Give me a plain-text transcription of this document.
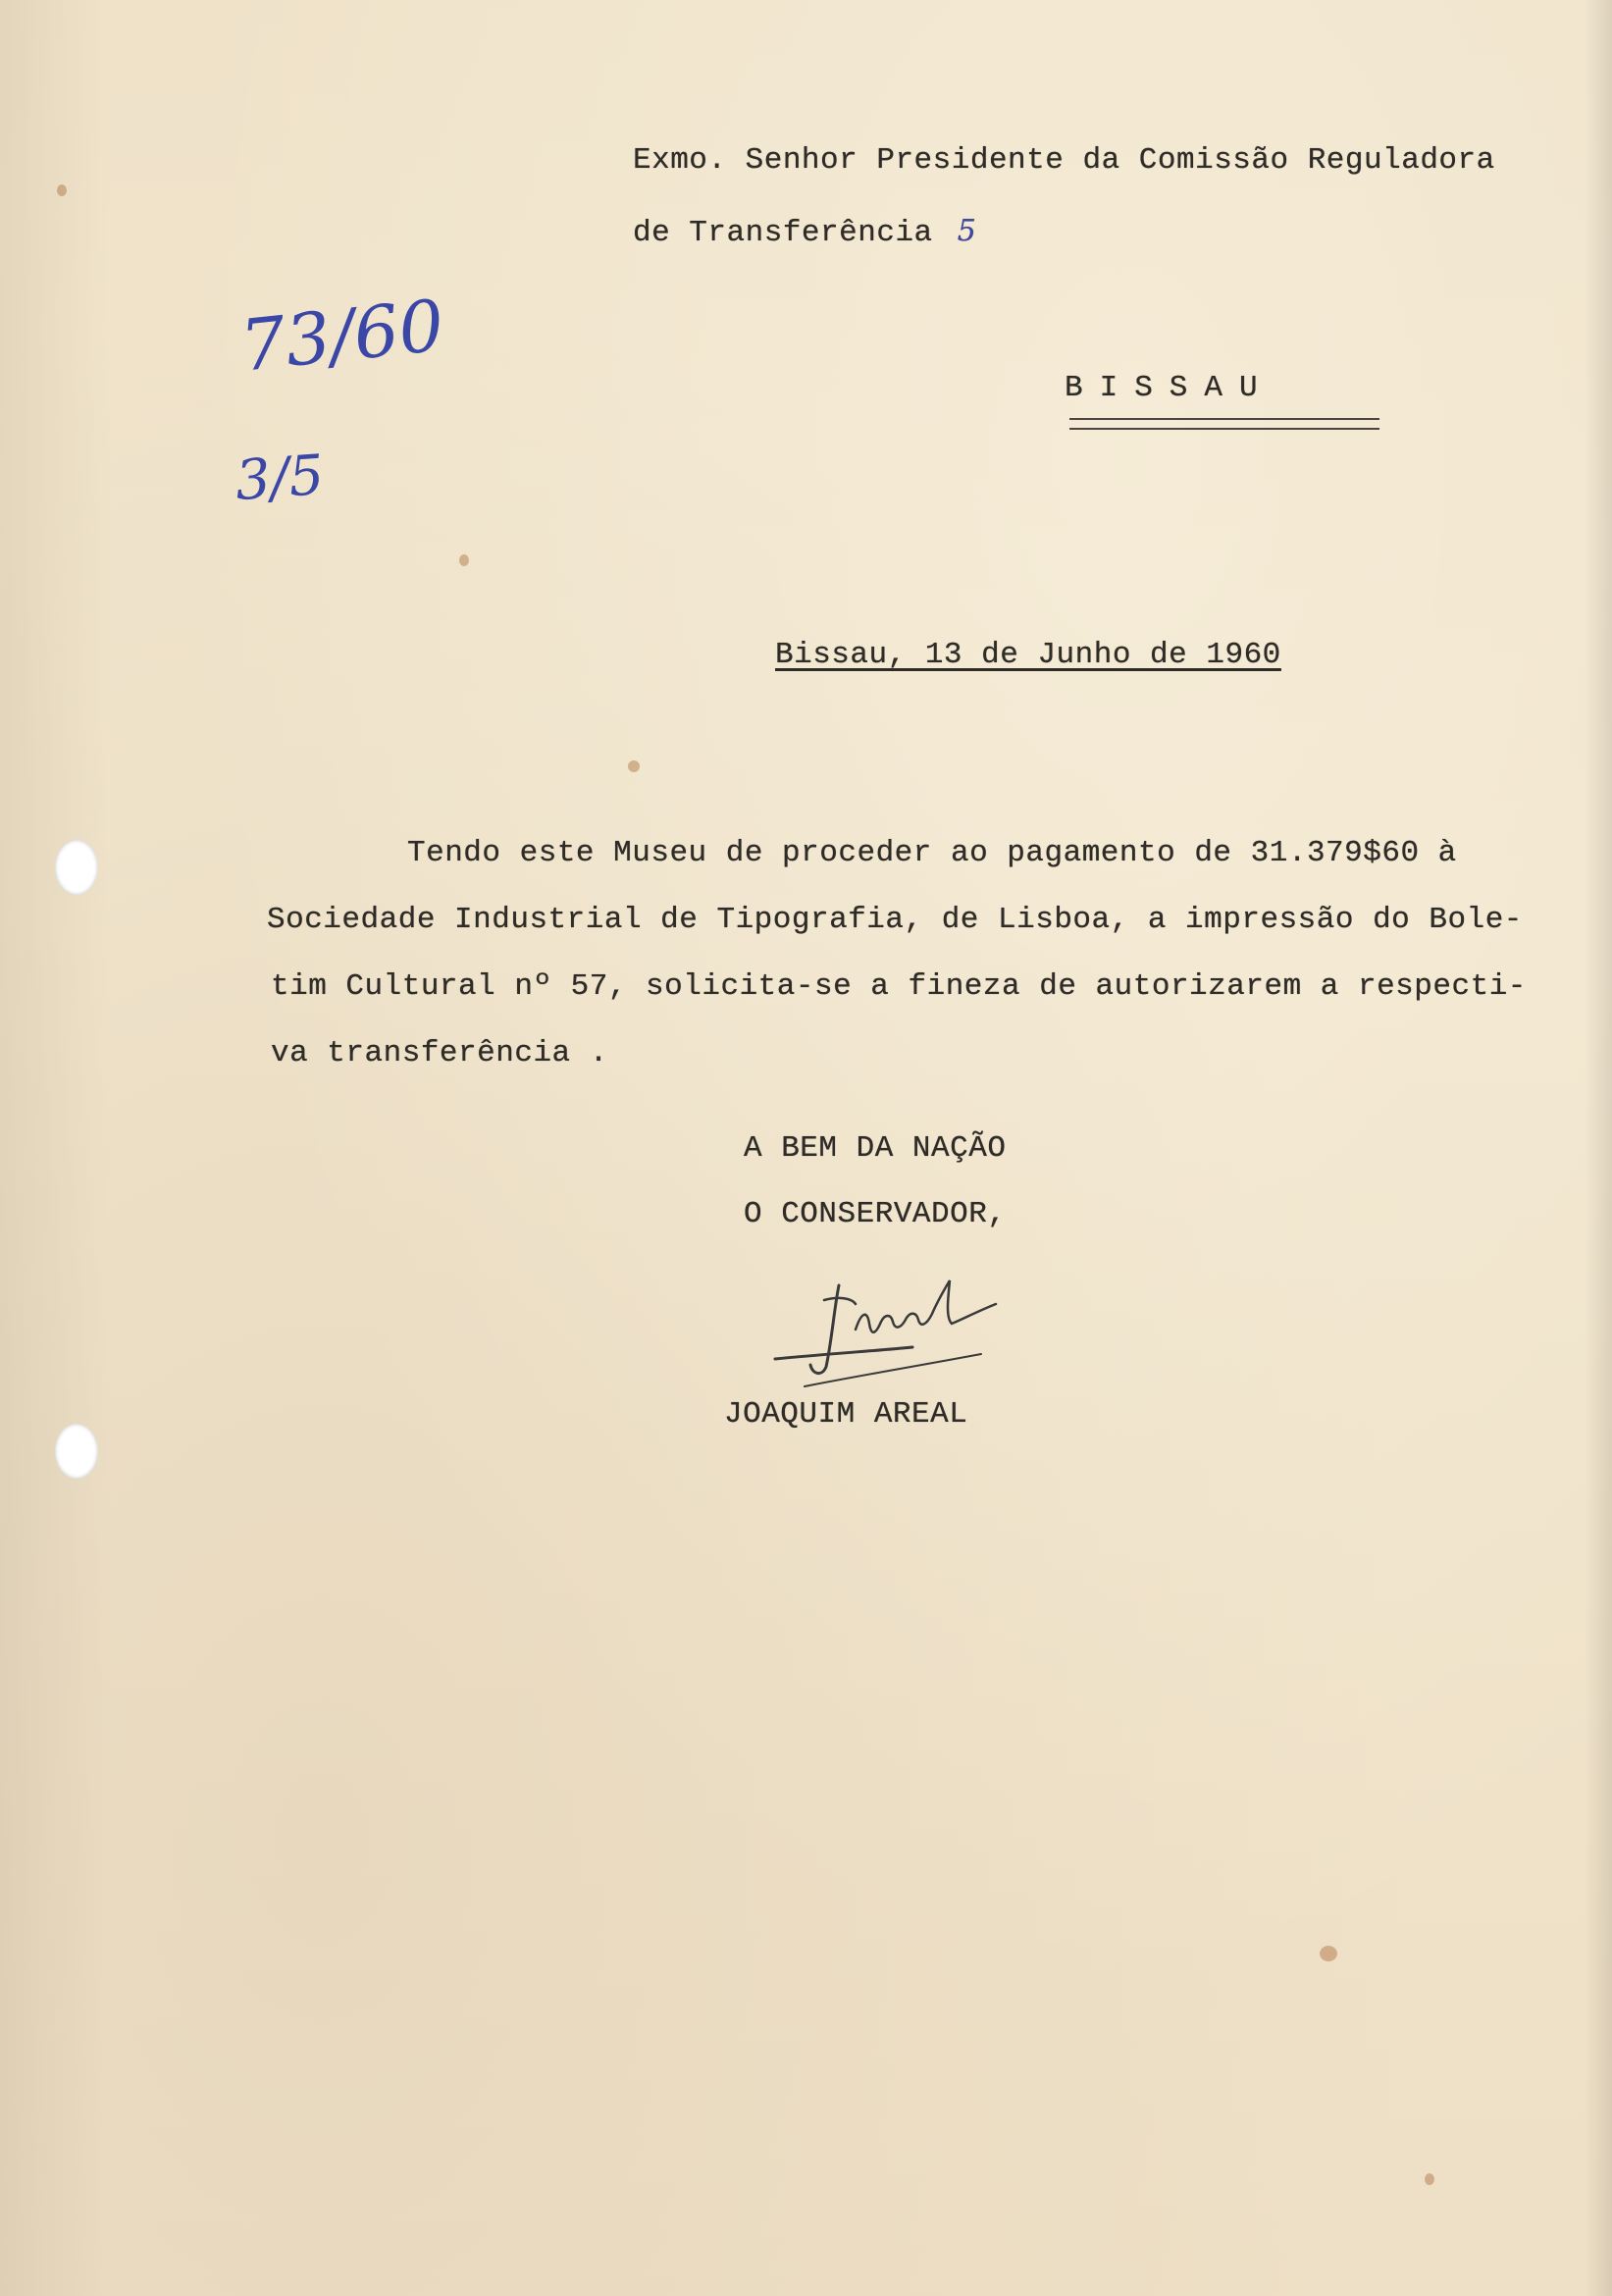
Exmo. Senhor Presidente da Comissão Reguladora
de Transferência 5
73/60
3/5
BISSAU
Bissau, 13 de Junho de 1960
Tendo este Museu de proceder ao pagamento de 31.379$60 à
Sociedade Industrial de Tipografia, de Lisboa, a impressão do Bole-
tim Cultural nº 57, solicita-se a fineza de autorizarem a respecti-
va transferência .
A BEM DA NAÇÃO
O CONSERVADOR,
JOAQUIM AREAL
